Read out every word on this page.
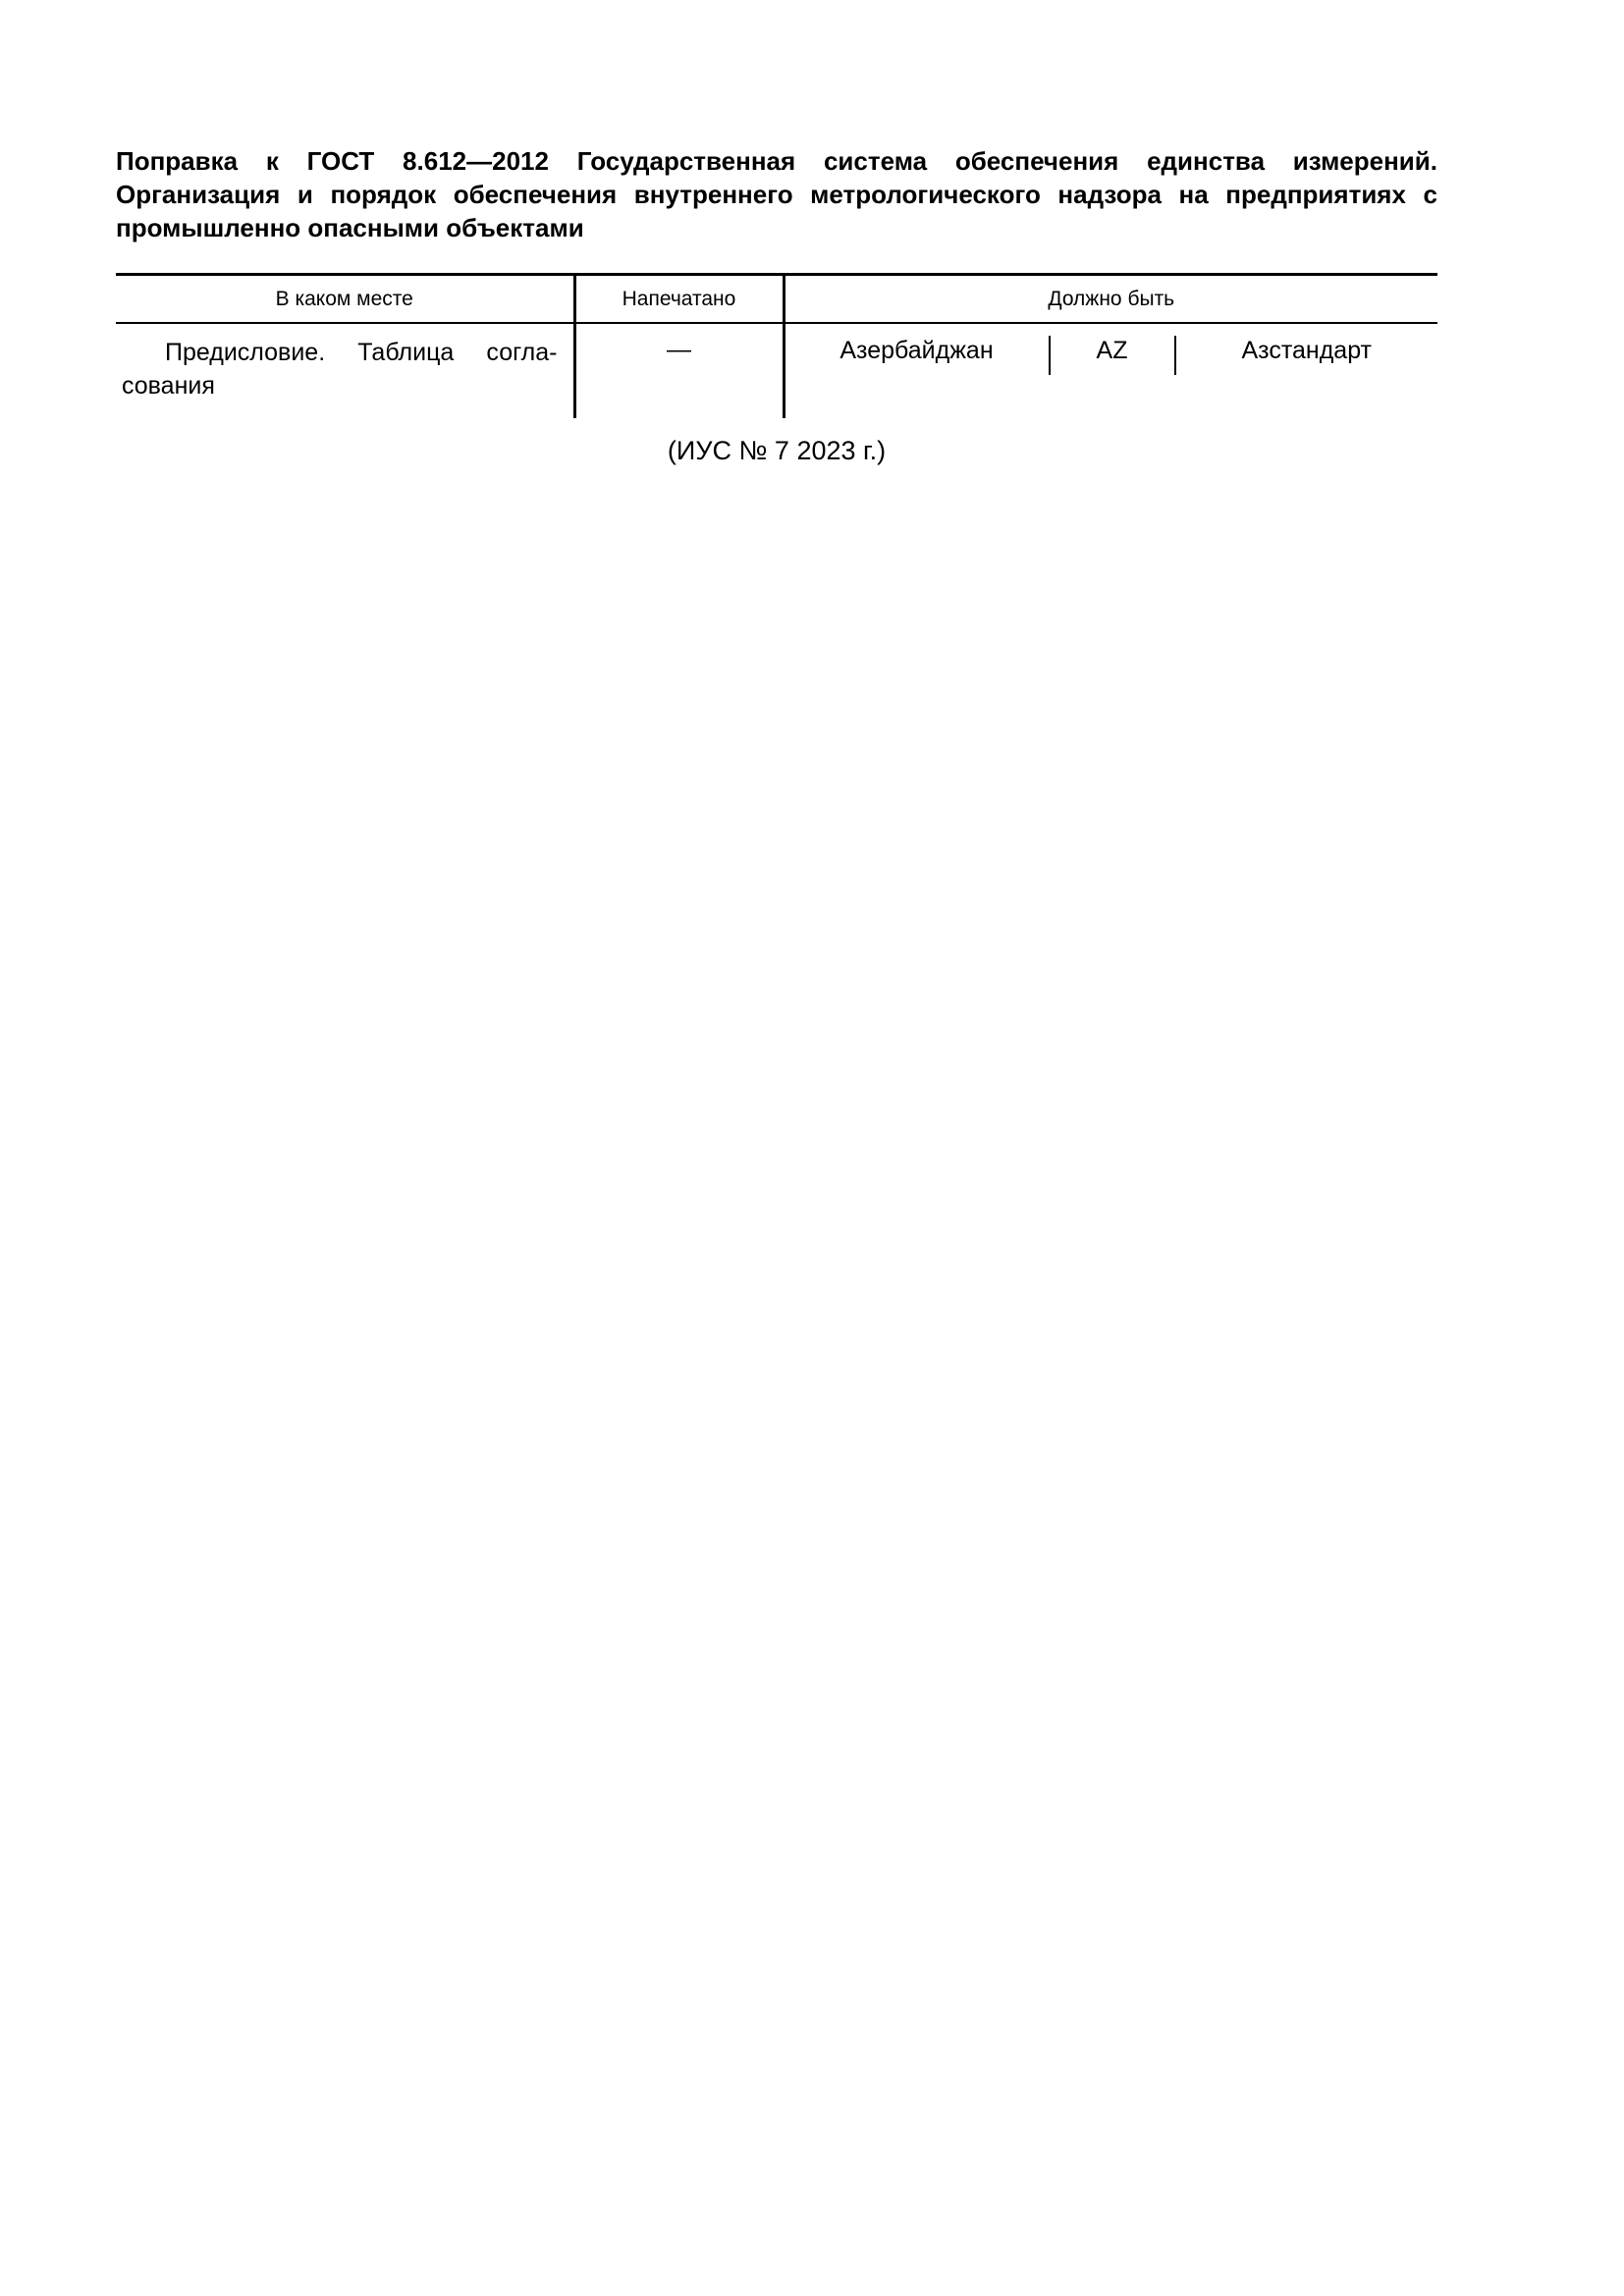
Поправка к ГОСТ 8.612—2012 Государственная система обеспечения единства измерений.
Организация и порядок обеспечения внутреннего метрологического надзора на предприятиях с
промышленно опасными объектами
В каком месте	Напечатано	Должно быть
Предисловие. Таблица согла-сования	—	Азербайджан AZ Азстандарт

(ИУС № 7 2023 г.)
